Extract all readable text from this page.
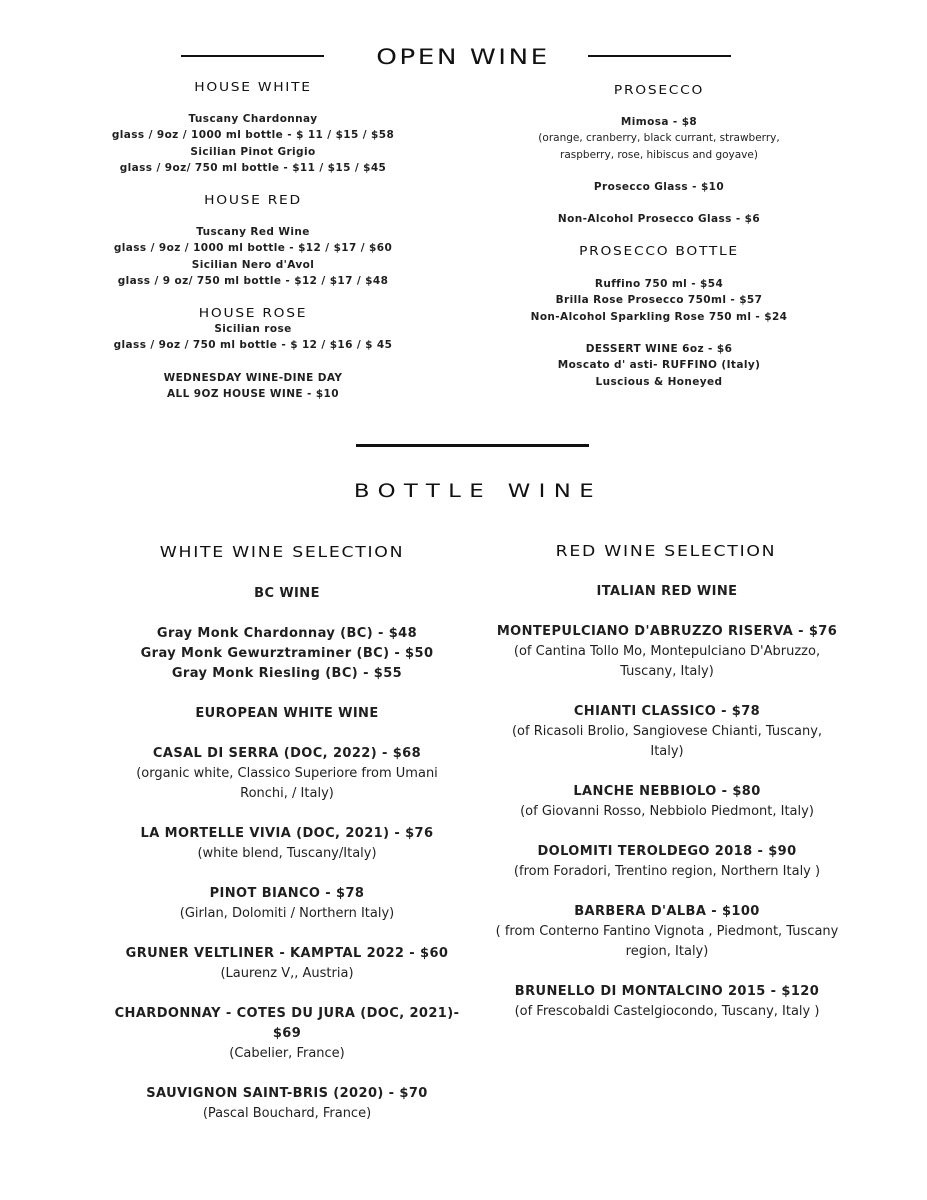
OPEN WINE
HOUSE WHITE
Tuscany Chardonnay
glass / 9oz / 1000 ml bottle - $ 11 / $15 / $58
Sicilian Pinot Grigio
glass / 9oz/ 750 ml bottle - $11 / $15 / $45
HOUSE RED
Tuscany Red Wine
glass / 9oz / 1000 ml bottle - $12 / $17 / $60
Sicilian Nero d'Avol
glass / 9 oz/ 750 ml bottle - $12 / $17 / $48
HOUSE ROSE
Sicilian rose
glass / 9oz / 750 ml bottle - $ 12 / $16 / $ 45
WEDNESDAY WINE-DINE DAY
ALL 9OZ HOUSE WINE - $10
PROSECCO
Mimosa - $8
(orange, cranberry, black currant, strawberry,
raspberry, rose, hibiscus and goyave)
Prosecco Glass - $10
Non-Alcohol Prosecco Glass - $6
PROSECCO BOTTLE
Ruffino 750 ml - $54
Brilla Rose Prosecco 750ml - $57
Non-Alcohol Sparkling Rose 750 ml - $24
DESSERT WINE 6oz - $6
Moscato d' asti- RUFFINO (Italy)
Luscious & Honeyed
BOTTLE WINE
WHITE WINE SELECTION	RED WINE SELECTION
BC WINE
Gray Monk Chardonnay (BC) - $48
Gray Monk Gewurztraminer (BC) - $50
Gray Monk Riesling (BC) - $55
EUROPEAN WHITE WINE
CASAL DI SERRA (DOC, 2022) - $68
(organic white, Classico Superiore from Umani
Ronchi, / Italy)
LA MORTELLE VIVIA (DOC, 2021) - $76
(white blend, Tuscany/Italy)
PINOT BIANCO - $78
(Girlan, Dolomiti / Northern Italy)
GRUNER VELTLINER - KAMPTAL 2022 - $60
(Laurenz V,, Austria)
CHARDONNAY - COTES DU JURA (DOC, 2021)-
$69
(Cabelier, France)
SAUVIGNON SAINT-BRIS (2020) - $70
(Pascal Bouchard, France)
ITALIAN RED WINE
MONTEPULCIANO D'ABRUZZO RISERVA - $76
(of Cantina Tollo Mo, Montepulciano D'Abruzzo,
Tuscany, Italy)
CHIANTI CLASSICO - $78
(of Ricasoli Brolio, Sangiovese Chianti, Tuscany,
Italy)
LANCHE NEBBIOLO - $80
(of Giovanni Rosso, Nebbiolo Piedmont, Italy)
DOLOMITI TEROLDEGO 2018 - $90
(from Foradori, Trentino region, Northern Italy )
BARBERA D'ALBA - $100
( from Conterno Fantino Vignota , Piedmont, Tuscany
region, Italy)
BRUNELLO DI MONTALCINO 2015 - $120
(of Frescobaldi Castelgiocondo, Tuscany, Italy )
